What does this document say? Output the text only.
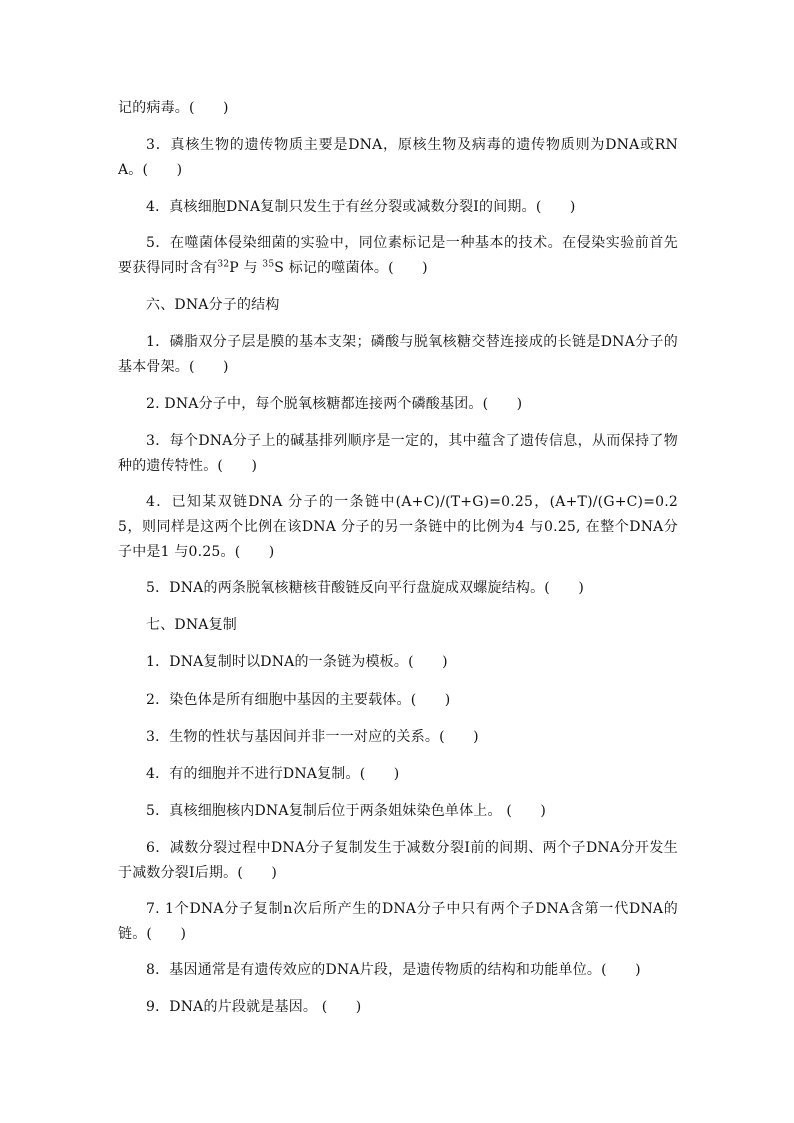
记的病毒。(　　)

3．真核生物的遗传物质主要是DNA，原核生物及病毒的遗传物质则为DNA或RNA。(　　)

4．真核细胞DNA复制只发生于有丝分裂或减数分裂Ⅰ的间期。(　　)

5．在噬菌体侵染细菌的实验中，同位素标记是一种基本的技术。在侵染实验前首先要获得同时含有$^{32}$P 与 $^{35}$S 标记的噬菌体。(　　)

六、DNA分子的结构

1．磷脂双分子层是膜的基本支架；磷酸与脱氧核糖交替连接成的长链是DNA分子的基本骨架。(　　)

2. DNA分子中，每个脱氧核糖都连接两个磷酸基团。(　　)

3．每个DNA分子上的碱基排列顺序是一定的，其中蕴含了遗传信息，从而保持了物种的遗传特性。(　　)

4．已知某双链DNA 分子的一条链中(A+C)/(T+G)=0.25，(A+T)/(G+C)=0.25，则同样是这两个比例在该DNA 分子的另一条链中的比例为4 与0.25, 在整个DNA分子中是1 与0.25。(　　)

5．DNA的两条脱氧核糖核苷酸链反向平行盘旋成双螺旋结构。(　　)

七、DNA复制

1．DNA复制时以DNA的一条链为模板。(　　)

2．染色体是所有细胞中基因的主要载体。(　　)

3．生物的性状与基因间并非一一对应的关系。(　　)

4．有的细胞并不进行DNA复制。(　　)

5．真核细胞核内DNA复制后位于两条姐妹染色单体上。 (　　)

6．减数分裂过程中DNA分子复制发生于减数分裂Ⅰ前的间期、两个子DNA分开发生于减数分裂Ⅰ后期。(　　)

7. 1个DNA分子复制n次后所产生的DNA分子中只有两个子DNA含第一代DNA的链。(　　)

8．基因通常是有遗传效应的DNA片段，是遗传物质的结构和功能单位。(　　)

9．DNA的片段就是基因。 (　　)
